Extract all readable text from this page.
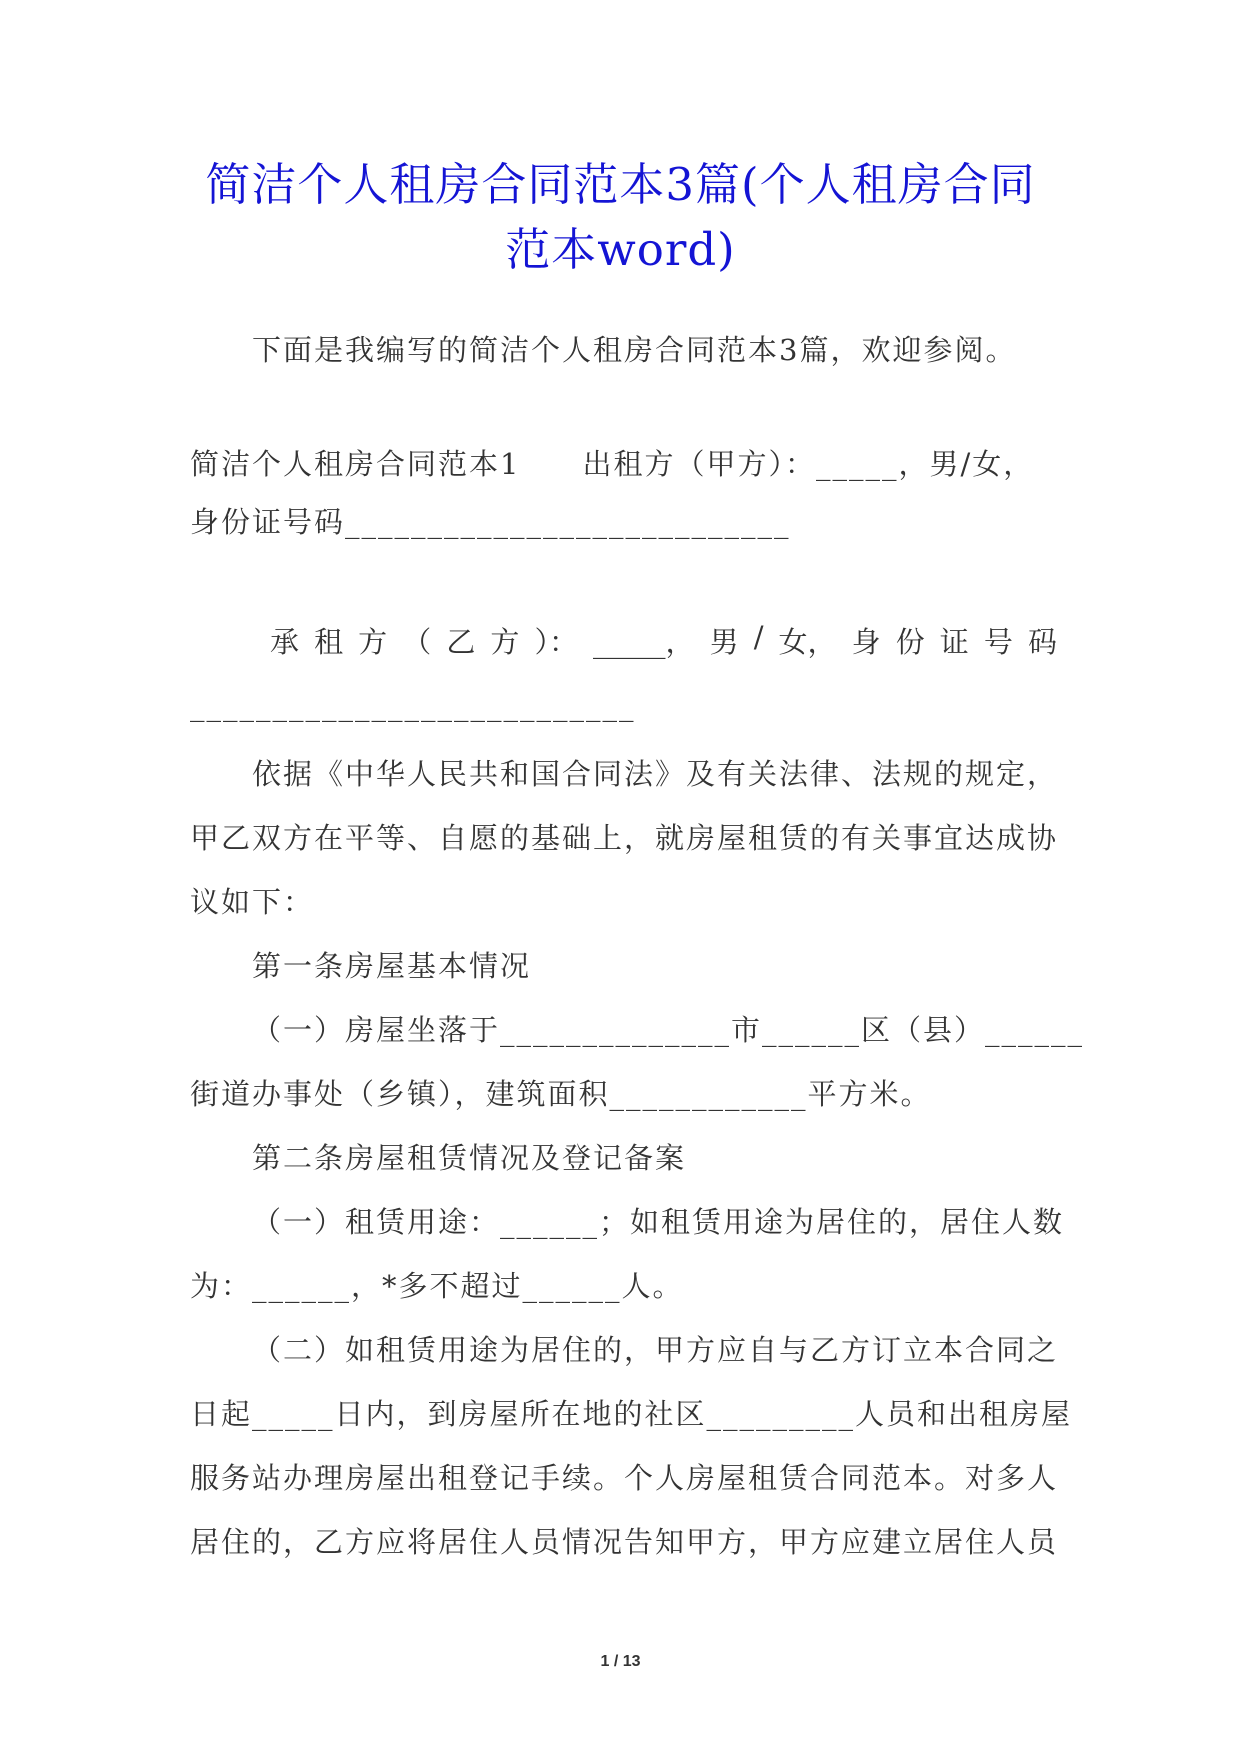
简洁个人租房合同范本3篇(个人租房合同
范本word)
下面是我编写的简洁个人租房合同范本3篇，欢迎参阅。
简洁个人租房合同范本1　　出租方（甲方）：_____，男/女，
身份证号码___________________________
承 租 方 （ 乙 方 ）： _____， 男 / 女， 身 份 证 号 码
___________________________
依据《中华人民共和国合同法》及有关法律、法规的规定，
甲乙双方在平等、自愿的基础上，就房屋租赁的有关事宜达成协
议如下：
第一条房屋基本情况
（一）房屋坐落于______________市______区（县）______
街道办事处（乡镇），建筑面积____________平方米。
第二条房屋租赁情况及登记备案
（一）租赁用途：______；如租赁用途为居住的，居住人数
为：______，*多不超过______人。
（二）如租赁用途为居住的，甲方应自与乙方订立本合同之
日起_____日内，到房屋所在地的社区_________人员和出租房屋
服务站办理房屋出租登记手续。个人房屋租赁合同范本。对多人
居住的，乙方应将居住人员情况告知甲方，甲方应建立居住人员
1 / 13
